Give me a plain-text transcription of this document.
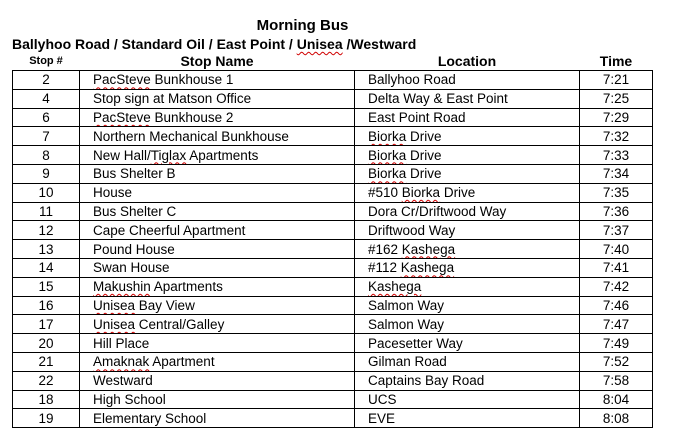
Morning Bus
Ballyhoo Road / Standard Oil / East Point / Unisea /Westward
Stop #	Stop Name	Location	Time
2	PacSteve Bunkhouse 1	Ballyhoo Road	7:21
4	Stop sign at Matson Office	Delta Way & East Point	7:25
6	PacSteve Bunkhouse 2	East Point Road	7:29
7	Northern Mechanical Bunkhouse	Biorka Drive	7:32
8	New Hall/Tiglax Apartments	Biorka Drive	7:33
9	Bus Shelter B	Biorka Drive	7:34
10	House	#510 Biorka Drive	7:35
11	Bus Shelter C	Dora Cr/Driftwood Way	7:36
12	Cape Cheerful Apartment	Driftwood Way	7:37
13	Pound House	#162 Kashega	7:40
14	Swan House	#112 Kashega	7:41
15	Makushin Apartments	Kashega	7:42
16	Unisea Bay View	Salmon Way	7:46
17	Unisea Central/Galley	Salmon Way	7:47
20	Hill Place	Pacesetter Way	7:49
21	Amaknak Apartment	Gilman Road	7:52
22	Westward	Captains Bay Road	7:58
18	High School	UCS	8:04
19	Elementary School	EVE	8:08
